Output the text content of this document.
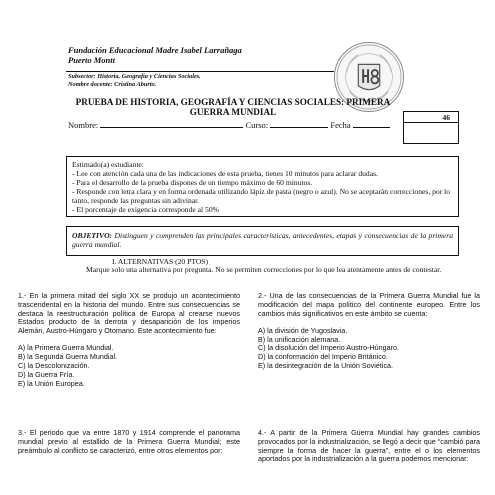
Fundación Educacional Madre Isabel Larrañaga
Puerto Montt
Subsector: Historia, Geografía y Ciencias Sociales.
Nombre docente: Cristina Aburto.
PRUEBA DE HISTORIA, GEOGRAFÍA Y CIENCIAS SOCIALES: PRIMERA
GUERRA MUNDIAL
46
Nombre:	Curso:	Fecha

Estimado(a) estudiante:

- Lee con atención cada una de las indicaciones de esta prueba, tienes 10 minutos para aclarar dudas.

- Para el desarrollo de la prueba dispones de un tiempo máximo de 60 minutos.

- Responde con letra clara y en forma ordenada utilizando lápiz de pasta (negro o azul). No se aceptarán correcciones, por lo tanto, responde las preguntas sin adivinar.

- El porcentaje de exigencia corresponde al 50%

OBJETIVO: Distinguen y comprenden las principales características, antecedentes, etapas y consecuencias de la primera guerra mundial.
I. ALTERNATIVAS (20 PTOS)
Marque solo una alternativa por pregunta. No se permiten correcciones por lo que lea atentamente antes de contestar.
1.- En la primera mitad del siglo XX se produjo un acontecimiento trascendental en la historia del mundo. Entre sus consecuencias se destaca la reestructuración política de Europa al crearse nuevos Estados producto de la derrota y desaparición de los imperios Alemán, Austro-Húngaro y Otomano. Este acontecimiento fue:
A) la Primera Guerra Mundial.
B) la Segunda Guerra Mundial.
C) la Descolonización.
D) la Guerra Fría.
E) la Unión Europea.
3.- El periodo que va entre 1870 y 1914 comprende el panorama mundial previo al estallido de la Primera Guerra Mundial; este preámbulo al conflicto se caracterizó, entre otros elementos por:
2.- Una de las consecuencias de la Primera Guerra Mundial fue la modificación del mapa político del continente europeo. Entre los cambios más significativos en este ámbito se cuenta:
A) la división de Yugoslavia.
B) la unificación alemana.
C) la disolución del Imperio Austro-Húngaro.
D) la conformación del Imperio Británico.
E) la desintegración de la Unión Soviética.
4.- A partir de la Primera Guerra Mundial hay grandes cambios provocados por la industrialización, se llegó a decir que “cambió para siempre la forma de hacer la guerra”, entre el o los elementos aportados por la industrialización a la guerra podemos mencionar:
